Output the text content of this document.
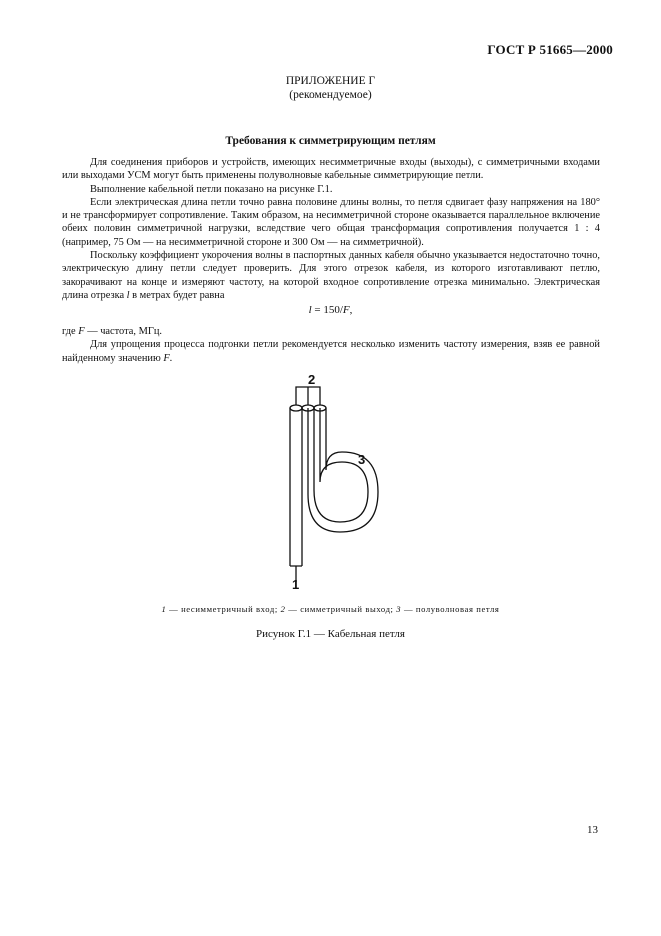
ГОСТ Р 51665—2000
ПРИЛОЖЕНИЕ Г
(рекомендуемое)
Требования к симметрирующим петлям

Для соединения приборов и устройств, имеющих несимметричные входы (выходы), с симметричными входами или выходами УСМ могут быть применены полуволновые кабельные симметрирующие петли.

Выполнение кабельной петли показано на рисунке Г.1.

Если электрическая длина петли точно равна половине длины волны, то петля сдвигает фазу напряжения на 180° и не трансформирует сопротивление. Таким образом, на несимметричной стороне оказывается параллельное включение обеих половин симметричной нагрузки, вследствие чего общая трансформация сопротивления получается 1 : 4 (например, 75 Ом — на несимметричной стороне и 300 Ом — на симметричной).

Поскольку коэффициент укорочения волны в паспортных данных кабеля обычно указывается недостаточно точно, электрическую длину петли следует проверить. Для этого отрезок кабеля, из которого изготавливают петлю, закорачивают на конце и измеряют частоту, на которой входное сопротивление отрезка минимально. Электрическая длина отрезка l в метрах будет равна

l = 150/F,

где F — частота, МГц.

Для упрощения процесса подгонки петли рекомендуется несколько изменить частоту измерения, взяв ее равной найденному значению F.

2
3
1
1 — несимметричный вход; 2 — симметричный выход; 3 — полуволновая петля
Рисунок Г.1 — Кабельная петля
13
